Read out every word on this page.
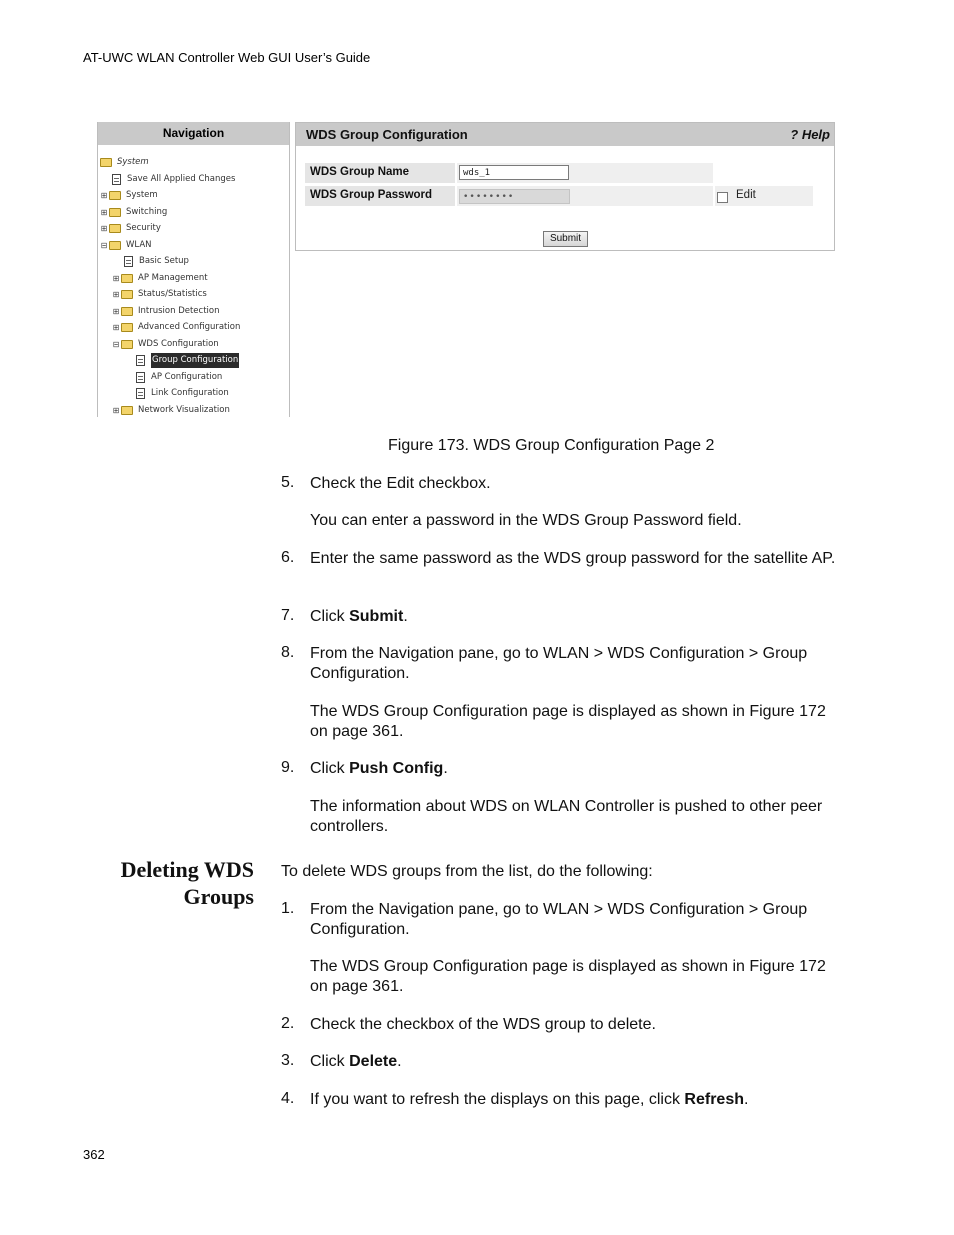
AT-UWC WLAN Controller Web GUI User’s Guide
Navigation
System
Save All Applied Changes
⊞ System
⊞ Switching
⊞ Security
⊟ WLAN
Basic Setup
⊞ AP Management
⊞ Status/Statistics
⊞ Intrusion Detection
⊞ Advanced Configuration
⊟ WDS Configuration
Group Configuration
AP Configuration
Link Configuration
⊞ Network Visualization
WDS Group Configuration	? Help
WDS Group Name	wds_1
WDS Group Password	••••••••	Edit
Submit
Figure 173. WDS Group Configuration Page 2
5. Check the Edit checkbox.
You can enter a password in the WDS Group Password field.
6. Enter the same password as the WDS group password for the satellite AP.
7. Click Submit.
8. From the Navigation pane, go to WLAN > WDS Configuration > Group Configuration.
The WDS Group Configuration page is displayed as shown in Figure 172 on page 361.
9. Click Push Config.
The information about WDS on WLAN Controller is pushed to other peer controllers.
Deleting WDS
Groups
To delete WDS groups from the list, do the following:
1. From the Navigation pane, go to WLAN > WDS Configuration > Group Configuration.
The WDS Group Configuration page is displayed as shown in Figure 172 on page 361.
2. Check the checkbox of the WDS group to delete.
3. Click Delete.
4. If you want to refresh the displays on this page, click Refresh.
362
